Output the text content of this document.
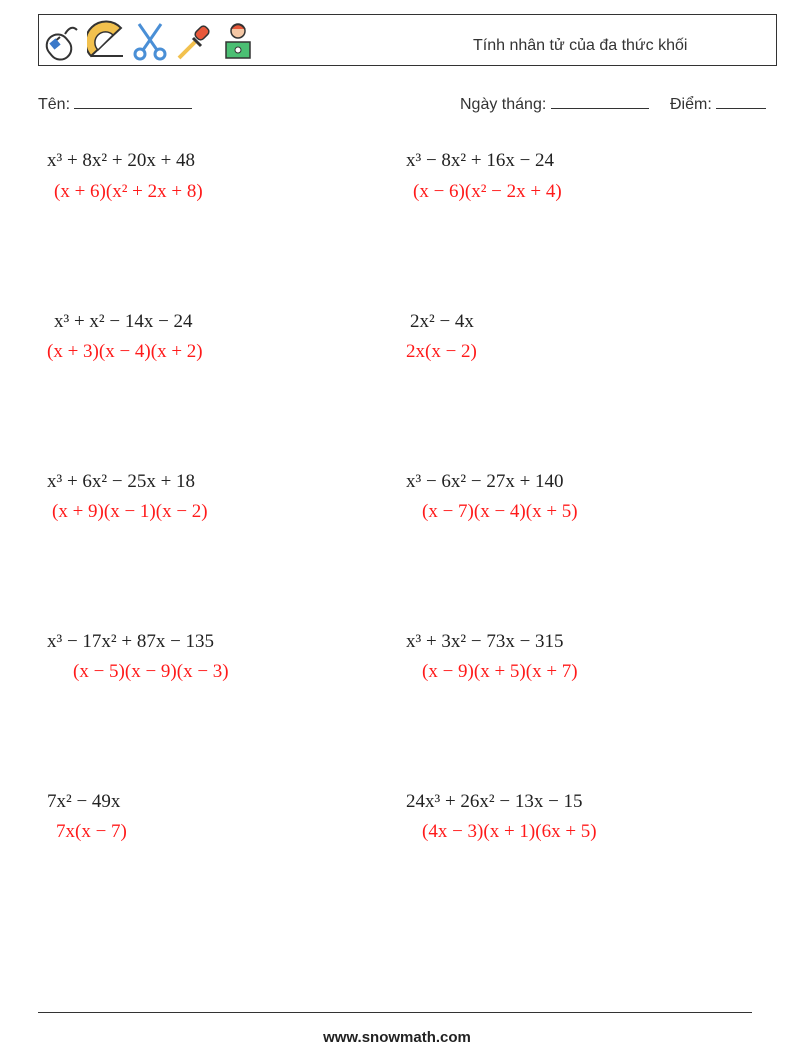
Tính nhân tử của đa thức khối
Tên:	Ngày tháng:	Điểm:
x³ + 8x² + 20x + 48
(x + 6)(x² + 2x + 8)
x³ − 8x² + 16x − 24
(x − 6)(x² − 2x + 4)
x³ + x² − 14x − 24
(x + 3)(x − 4)(x + 2)
2x² − 4x
2x(x − 2)
x³ + 6x² − 25x + 18
(x + 9)(x − 1)(x − 2)
x³ − 6x² − 27x + 140
(x − 7)(x − 4)(x + 5)
x³ − 17x² + 87x − 135
(x − 5)(x − 9)(x − 3)
x³ + 3x² − 73x − 315
(x − 9)(x + 5)(x + 7)
7x² − 49x
7x(x − 7)
24x³ + 26x² − 13x − 15
(4x − 3)(x + 1)(6x + 5)
www.snowmath.com
